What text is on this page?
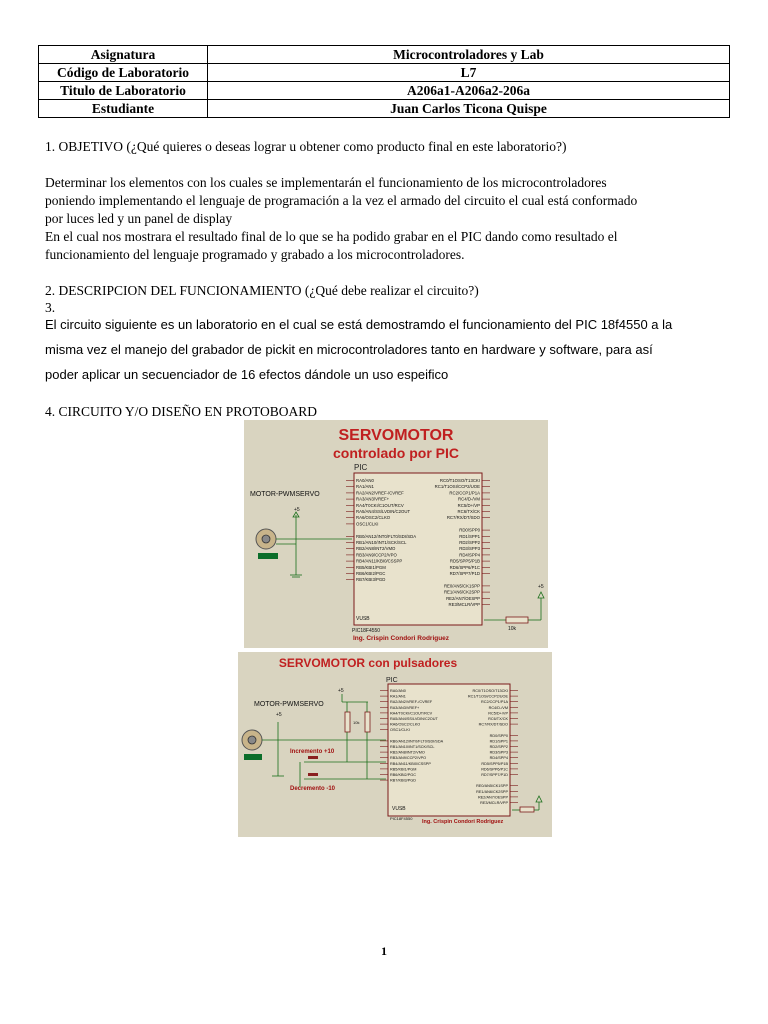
Asignatura	Microcontroladores y Lab
Código de Laboratorio	L7
Titulo de Laboratorio	A206a1-A206a2-206a
Estudiante	Juan Carlos Ticona Quispe
1. OBJETIVO (¿Qué quieres o deseas lograr u obtener como producto final en este laboratorio?)
Determinar los elementos con los cuales se implementarán el funcionamiento de los microcontroladores
poniendo implementando el lenguaje de programación a la vez el armado del circuito el cual está conformado
por luces led y un panel de display
En el cual nos mostrara el resultado final de lo que se ha podido grabar en el PIC dando como resultado el
funcionamiento del lenguaje programado y grabado a los microcontroladores.
2. DESCRIPCION DEL FUNCIONAMIENTO (¿Qué debe realizar el circuito?)
3.
El circuito siguiente es un laboratorio en el cual se está demostramdo el funcionamiento del PIC 18f4550 a la
misma vez el manejo del grabador de pickit en microcontroladores tanto en hardware y software, para así
poder aplicar un secuenciador de 16 efectos dándole un uso espeifico
4. CIRCUITO Y/O DISEÑO EN PROTOBOARD
SERVOMOTOR
controlado por PIC
PIC
RA0/AN0
RA1/AN1
RA2/AN2/VREF-/CVREF
RA3/AN3/VREF+
RA4/T0CKI/C1OUT/RCV
RA5/AN4/SS/LVDIN/C2OUT
RA6/OSC2/CLKO
OSC1/CLKI
RB0/AN12/INT0/FLT0/SDI/SDA
RB1/AN10/INT1/SCK/SCL
RB2/AN8/INT2/VMO
RB3/AN9/CCP2/VPO
RB4/AN11/KBI0/CSSPP
RB5/KBI1/PGM
RB6/KBI2/PGC
RB7/KBI3/PGD
RC0/T1OSO/T13CKI
RC1/T1OSI/CCP2/UOE
RC2/CCP1/P1A
RC4/D-/VM
RC5/D+/VP
RC6/TX/CK
RC7/RX/DT/SDO
RD0/SPP0
RD1/SPP1
RD2/SPP2
RD3/SPP3
RD4/SPP4
RD5/SPP5/P1B
RD6/SPP6/P1C
RD7/SPP7/P1D
RE0/AN5/CK1SPP
RE1/AN6/CK2SPP
RE2/AN7/OESPP
RE3/MCLR/VPP
VUSB
PIC18F4550
MOTOR-PWMSERVO
+5
+5
10k
Ing. Crispin Condori Rodriguez
SERVOMOTOR con pulsadores
PIC
RA0/AN0
RA1/AN1
RA2/AN2/VREF-/CVREF
RA3/AN3/VREF+
RA4/T0CKI/C1OUT/RCV
RA5/AN4/SS/LVDIN/C2OUT
RA6/OSC2/CLKO
OSC1/CLKI
RB0/AN12/INT0/FLT0/SDI/SDA
RB1/AN10/INT1/SCK/SCL
RB2/AN8/INT2/VMO
RB3/AN9/CCP2/VPO
RB4/AN11/KBI0/CSSPP
RB5/KBI1/PGM
RB6/KBI2/PGC
RB7/KBI3/PGD
RC0/T1OSO/T13CKI
RC1/T1OSI/CCP2/UOE
RC2/CCP1/P1A
RC4/D-/VM
RC5/D+/VP
RC6/TX/CK
RC7/RX/DT/SDO
RD0/SPP0
RD1/SPP1
RD2/SPP2
RD3/SPP3
RD4/SPP4
RD5/SPP5/P1B
RD6/SPP6/P1C
RD7/SPP7/P1D
RE0/AN5/CK1SPP
RE1/AN6/CK2SPP
RE2/AN7/OESPP
RE3/MCLR/VPP
VUSB
PIC18F4550
MOTOR-PWMSERVO
+5
+5
10k
Incremento +10
Decremento -10
Ing. Crispin Condori Rodriguez
1
